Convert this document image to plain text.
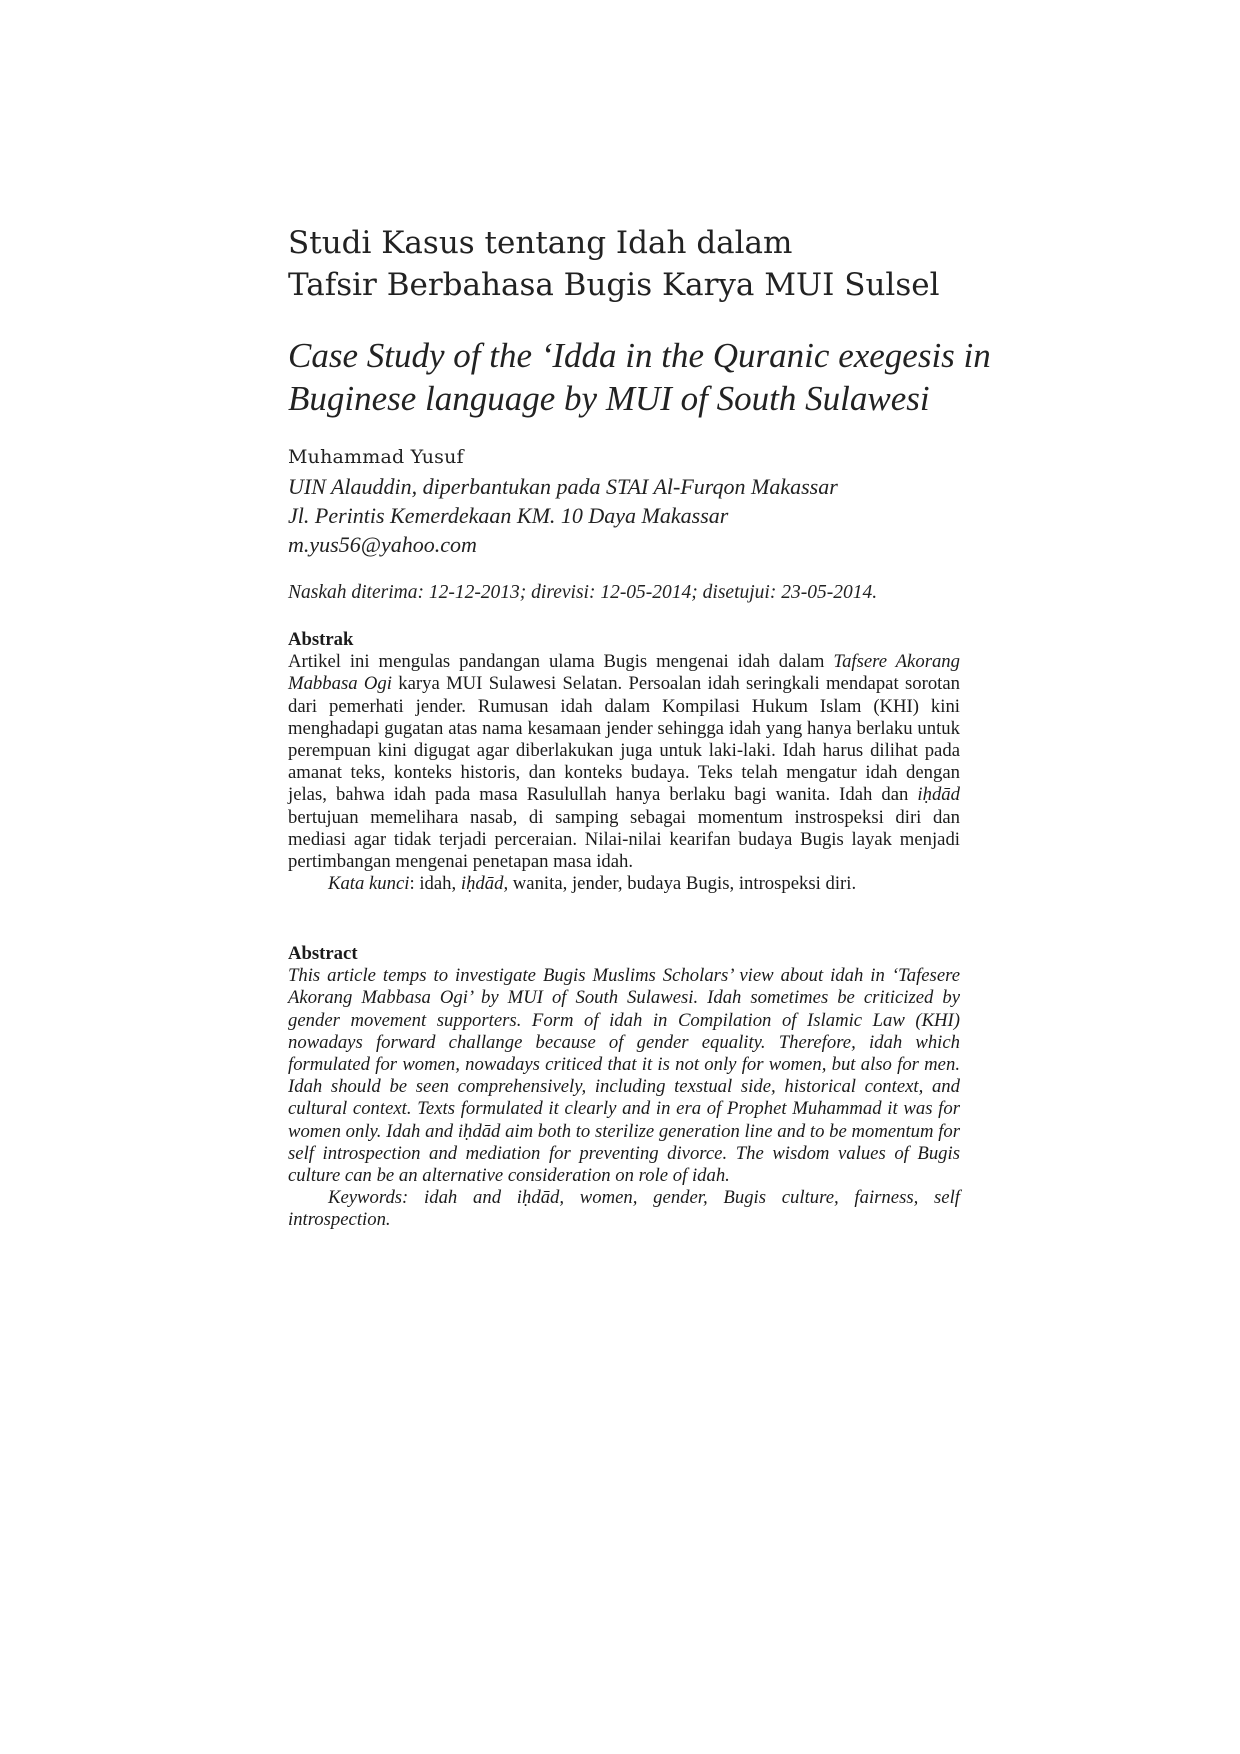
Studi Kasus tentang Idah dalam
Tafsir Berbahasa Bugis Karya MUI Sulsel
Case Study of the ‘Idda in the Quranic exegesis in
Buginese language by MUI of South Sulawesi
Muhammad Yusuf
UIN Alauddin, diperbantukan pada STAI Al-Furqon Makassar
Jl. Perintis Kemerdekaan KM. 10 Daya Makassar
m.yus56@yahoo.com
Naskah diterima: 12-12-2013; direvisi: 12-05-2014; disetujui: 23-05-2014.
Abstrak

Artikel ini mengulas pandangan ulama Bugis mengenai idah dalam Tafsere Akorang Mabbasa Ogi karya MUI Sulawesi Selatan. Persoalan idah seringkali mendapat sorotan dari pemerhati jender. Rumusan idah dalam Kompilasi Hukum Islam (KHI) kini menghadapi gugatan atas nama kesamaan jender sehingga idah yang hanya berlaku untuk perempuan kini digugat agar diberlakukan juga untuk laki-laki. Idah harus dilihat pada amanat teks, konteks historis, dan konteks budaya. Teks telah mengatur idah dengan jelas, bahwa idah pada masa Rasulullah hanya berlaku bagi wanita. Idah dan iḥdād bertujuan memelihara nasab, di samping sebagai momentum instrospeksi diri dan mediasi agar tidak terjadi perceraian. Nilai-nilai kearifan budaya Bugis layak menjadi pertimbangan mengenai penetapan masa idah.

Kata kunci: idah, iḥdād, wanita, jender, budaya Bugis, introspeksi diri.

Abstract

This article temps to investigate Bugis Muslims Scholars’ view about idah in ‘Tafesere Akorang Mabbasa Ogi’ by MUI of South Sulawesi. Idah sometimes be criticized by gender movement supporters. Form of idah in Compilation of Islamic Law (KHI) nowadays forward challange because of gender equality. Therefore, idah which formulated for women, nowadays criticed that it is not only for women, but also for men. Idah should be seen comprehensively, including texstual side, historical context, and cultural context. Texts formulated it clearly and in era of Prophet Muhammad it was for women only. Idah and iḥdād aim both to sterilize generation line and to be momentum for self introspection and mediation for preventing divorce. The wisdom values of Bugis culture can be an alternative consideration on role of idah.

Keywords: idah and iḥdād, women, gender, Bugis culture, fairness, self introspection.
